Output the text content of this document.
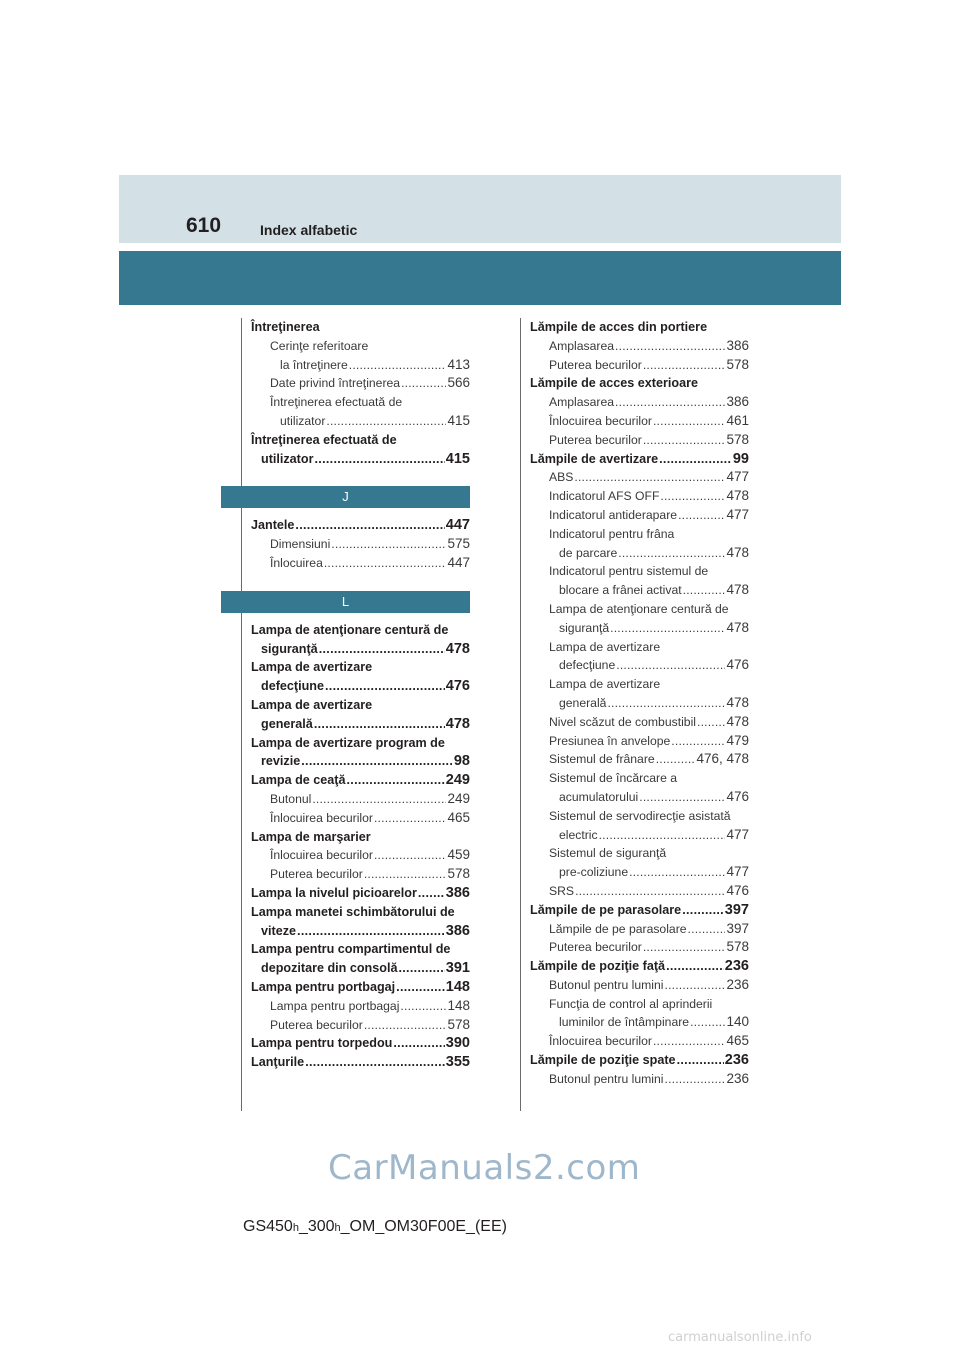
610	Index alfabetic
Întreţinerea
Cerinţe referitoare
la întreţinere . . .	413
Date privind întreţinerea . . .	566
Întreţinerea efectuată de
utilizator . . .	415
Întreţinerea efectuată de
utilizator . . .	415
J
Jantele . . .	447
Dimensiuni . . .	575
Înlocuirea . . .	447
L
Lampa de atenţionare centură de
siguranţă . . .	478
Lampa de avertizare
defecţiune . . .	476
Lampa de avertizare
generală . . .	478
Lampa de avertizare program de
revizie . . .	98
Lampa de ceaţă . . .	249
Butonul . . .	249
Înlocuirea becurilor . . .	465
Lampa de marşarier
Înlocuirea becurilor . . .	459
Puterea becurilor . . .	578
Lampa la nivelul picioarelor . . . 386
Lampa manetei schimbătorului de
viteze . . .	386
Lampa pentru compartimentul de
depozitare din consolă . . .	391
Lampa pentru portbagaj . . .	148
Lampa pentru portbagaj . . .	148
Puterea becurilor . . .	578
Lampa pentru torpedou . . .	390
Lanţurile . . .	355
Lămpile de acces din portiere
Amplasarea . . .	386
Puterea becurilor . . .	578
Lămpile de acces exterioare
Amplasarea . . .	386
Înlocuirea becurilor . . .	461
Puterea becurilor . . .	578
Lămpile de avertizare . . .	99
ABS . . .	477
Indicatorul AFS OFF . . .	478
Indicatorul antiderapare . . .	477
Indicatorul pentru frâna
de parcare . . .	478
Indicatorul pentru sistemul de
blocare a frânei activat . . .	478
Lampa de atenţionare centură de
siguranţă . . .	478
Lampa de avertizare
defecţiune . . .	476
Lampa de avertizare
generală . . .	478
Nivel scăzut de combustibil . . . 478
Presiunea în anvelope . . .	479
Sistemul de frânare . . .	476, 478
Sistemul de încărcare a
acumulatorului . . .	476
Sistemul de servodirecţie asistată
electric . . .	477
Sistemul de siguranţă
pre-coliziune . . .	477
SRS . . .	476
Lămpile de pe parasolare . . .	397
Lămpile de pe parasolare . . .	397
Puterea becurilor . . .	578
Lămpile de poziţie faţă . . .	236
Butonul pentru lumini . . .	236
Funcţia de control al aprinderii
luminilor de întâmpinare . . .	140
Înlocuirea becurilor . . .	465
Lămpile de poziţie spate . . .	236
Butonul pentru lumini . . .	236
CarManuals2.com
GS450h_300h_OM_OM30F00E_(EE)
carmanualsonline.info
